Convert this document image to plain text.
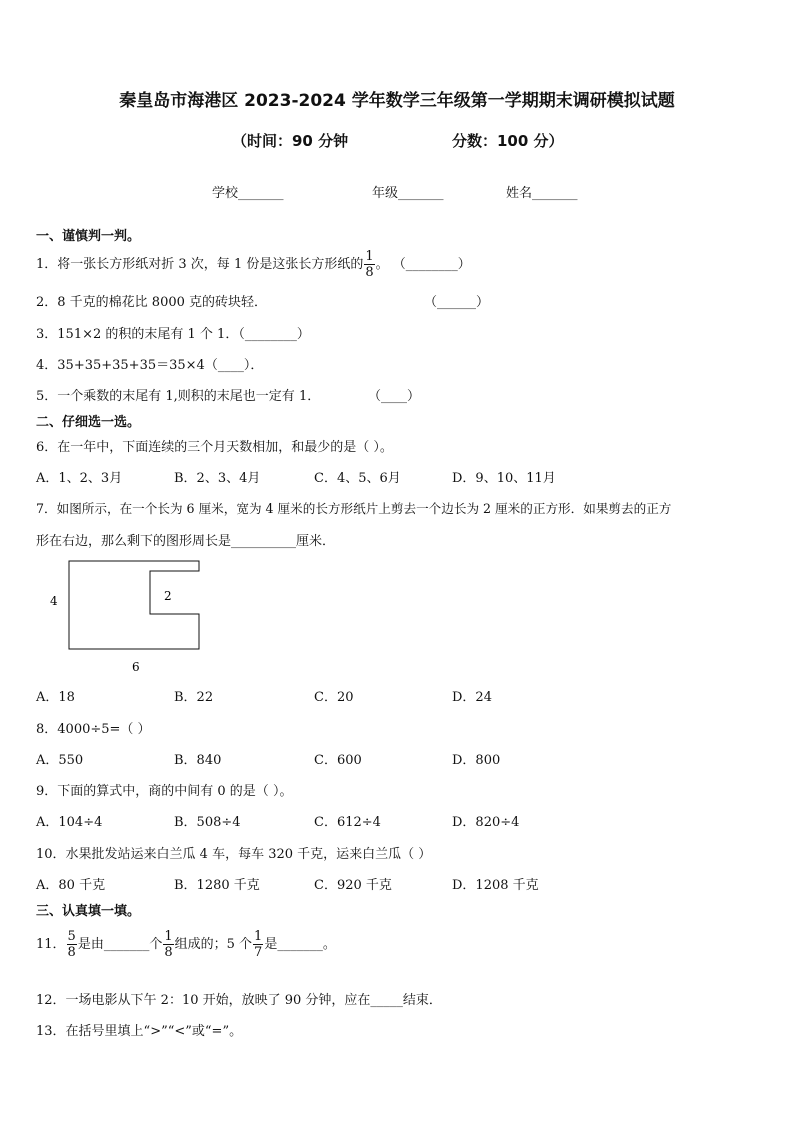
秦皇岛市海港区 2023-2024 学年数学三年级第一学期期末调研模拟试题
（时间：90 分钟	分数：100 分）
学校_______	年级_______	姓名_______
一、谨慎判一判。
1．将一张长方形纸对折 3 次，每 1 份是这张长方形纸的 $\frac{1}{8}$ 。 （________）
2．8 千克的棉花比 8000 克的砖块轻．	（______）
3．151×2 的积的末尾有 1 个 1．（________）
4．35+35+35+35＝35×4（____）．
5．一个乘数的末尾有 1,则积的末尾也一定有 1．	（____）
二、仔细选一选。
6．在一年中，下面连续的三个月天数相加，和最少的是（ ）。
A．1、2、3月	B．2、3、4月	C．4、5、6月	D．9、10、11月
7．如图所示，在一个长为 6 厘米，宽为 4 厘米的长方形纸片上剪去一个边长为 2 厘米的正方形．如果剪去的正方
形在右边，那么剩下的图形周长是__________厘米．
4	2
6
A．18	B．22	C．20	D．24
8．4000÷5=（ ）
A．550	B．840	C．600	D．800
9．下面的算式中，商的中间有 0 的是（ ）。
A．104÷4	B．508÷4	C．612÷4	D．820÷4
10．水果批发站运来白兰瓜 4 车，每车 320 千克，运来白兰瓜（ ）
A．80 千克	B．1280 千克	C．920 千克	D．1208 千克
三、认真填一填。
11． $\frac{5}{8}$ 是由_______个 $\frac{1}{8}$ 组成的；5 个 $\frac{1}{7}$ 是_______。
12．一场电影从下午 2：10 开始，放映了 90 分钟，应在_____结束．
13．在括号里填上“>”“<”或“=”。
